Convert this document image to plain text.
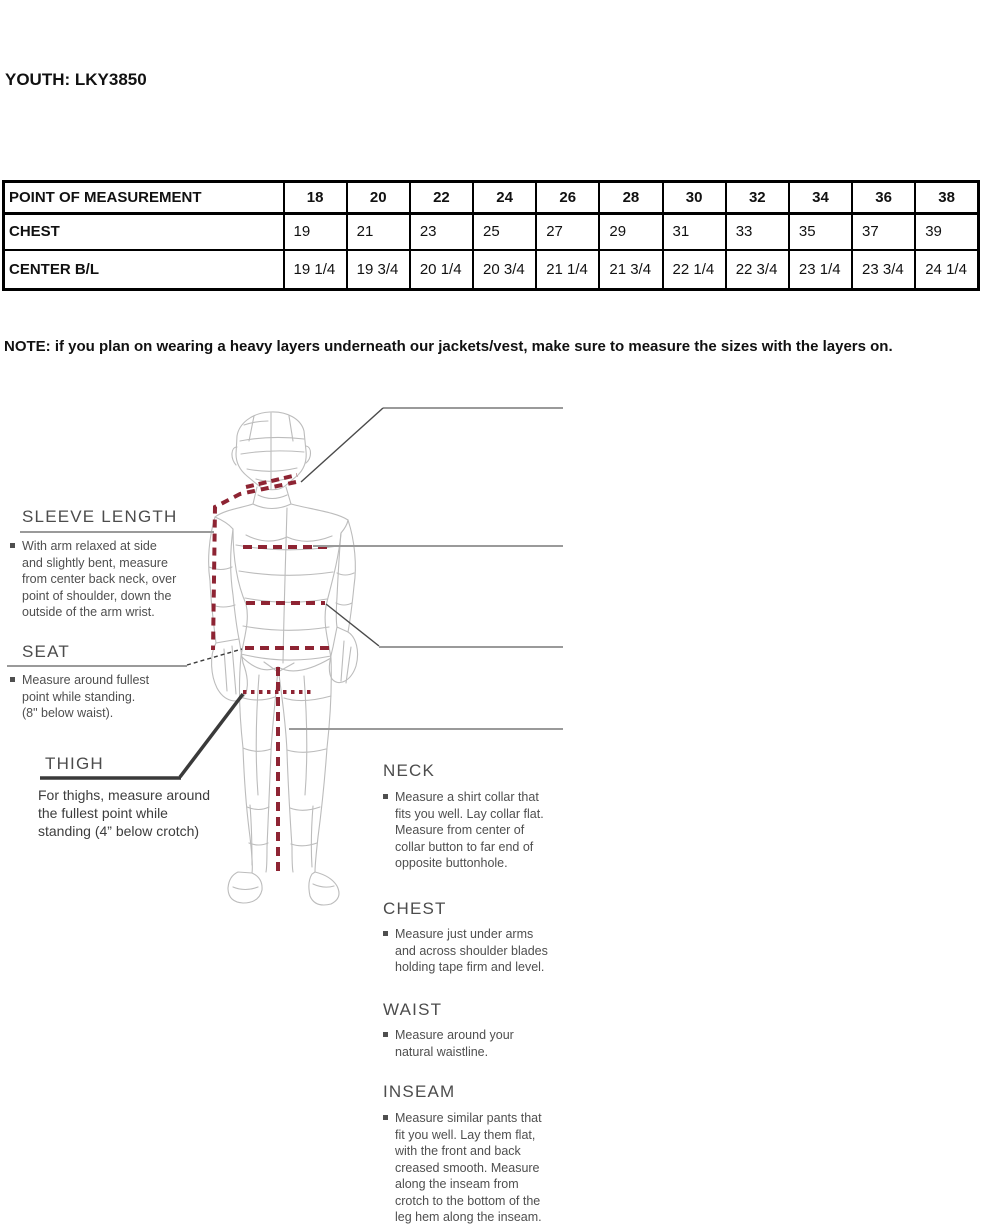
YOUTH: LKY3850
POINT OF MEASUREMENT	18	20	22	24	26	28	30	32	34	36	38
CHEST	19	21	23	25	27	29	31	33	35	37	39
CENTER B/L	19 1/4	19 3/4	20 1/4	20 3/4	21 1/4	21 3/4	22 1/4	22 3/4	23 1/4	23 3/4	24 1/4
NOTE: if you plan on wearing a heavy layers underneath our jackets/vest, make sure to measure the sizes with the layers on.
NECK
Measure a shirt collar that
fits you well. Lay collar flat.
Measure from center of
collar button to far end of
opposite buttonhole.
CHEST
Measure just under arms
and across shoulder blades
holding tape firm and level.
WAIST
Measure around your
natural waistline.
INSEAM
Measure similar pants that
fit you well. Lay them flat,
with the front and back
creased smooth. Measure
along the inseam from
crotch to the bottom of the
leg hem along the inseam.
SLEEVE LENGTH
With arm relaxed at side
and slightly bent, measure
from center back neck, over
point of shoulder, down the
outside of the arm wrist.
SEAT
Measure around fullest
point while standing.
(8" below waist).
THIGH
For thighs, measure around
the fullest point while
standing (4” below crotch)
